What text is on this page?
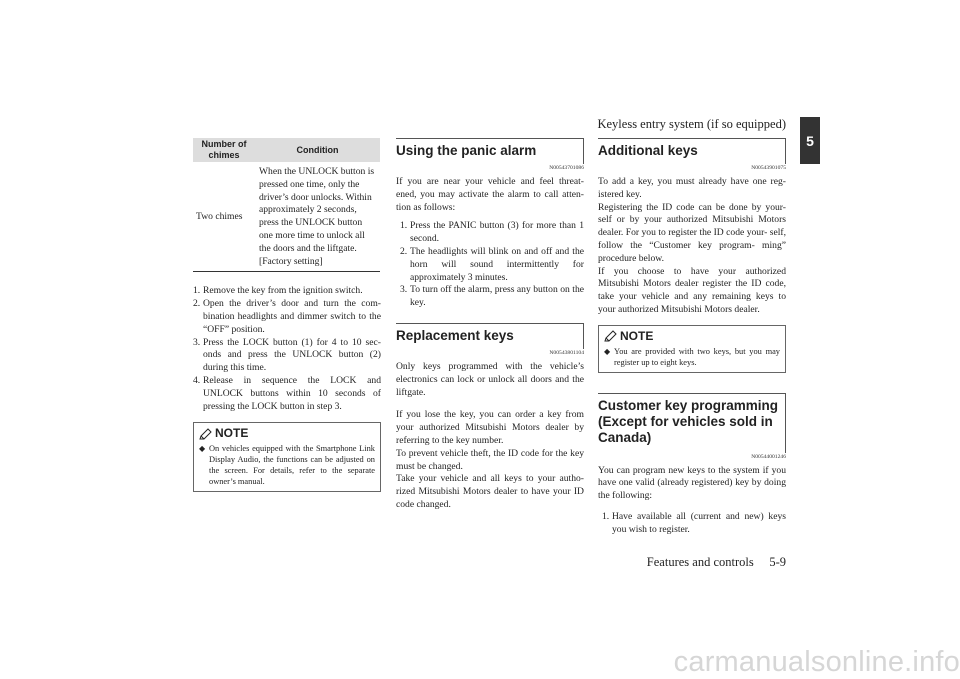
Keyless entry system (if so equipped)
5
Features and controls     5-9
carmanualsonline.info
Number of chimes	Condition
Two chimes	When the UNLOCK button is pressed one time, only the driver’s door unlocks. Within approximately 2 seconds, press the UNLOCK button one more time to unlock all the doors and the liftgate. [Factory setting]
1. Remove the key from the ignition switch.
2. Open the driver’s door and turn the com- bination headlights and dimmer switch to the “OFF” position.
3. Press the LOCK button (1) for 4 to 10 sec- onds and press the UNLOCK button (2) during this time.
4. Release in sequence the LOCK and UNLOCK buttons within 10 seconds of pressing the LOCK button in step 3.
NOTE
◆ On vehicles equipped with the Smartphone Link Display Audio, the functions can be adjusted on the screen. For details, refer to the separate owner’s manual.
Using the panic alarm
N00543701086

If you are near your vehicle and feel threat- ened, you may activate the alarm to call atten- tion as follows:

1. Press the PANIC button (3) for more than 1 second.
2. The headlights will blink on and off and the horn will sound intermittently for approximately 3 minutes.
3. To turn off the alarm, press any button on the key.
Replacement keys
N00543801104

Only keys programmed with the vehicle’s electronics can lock or unlock all doors and the liftgate.

If you lose the key, you can order a key from your authorized Mitsubishi Motors dealer by referring to the key number.

To prevent vehicle theft, the ID code for the key must be changed.

Take your vehicle and all keys to your autho- rized Mitsubishi Motors dealer to have your ID code changed.

Additional keys
N00543901075

To add a key, you must already have one reg- istered key.

Registering the ID code can be done by your- self or by your authorized Mitsubishi Motors dealer. For you to register the ID code your- self, follow the “Customer key program- ming” procedure below.

If you choose to have your authorized Mitsubishi Motors dealer register the ID code, take your vehicle and any remaining keys to your authorized Mitsubishi Motors dealer.

NOTE
◆ You are provided with two keys, but you may register up to eight keys.
Customer key programming (Except for vehicles sold in Canada)
N00544001246

You can program new keys to the system if you have one valid (already registered) key by doing the following:

1. Have available all (current and new) keys you wish to register.
